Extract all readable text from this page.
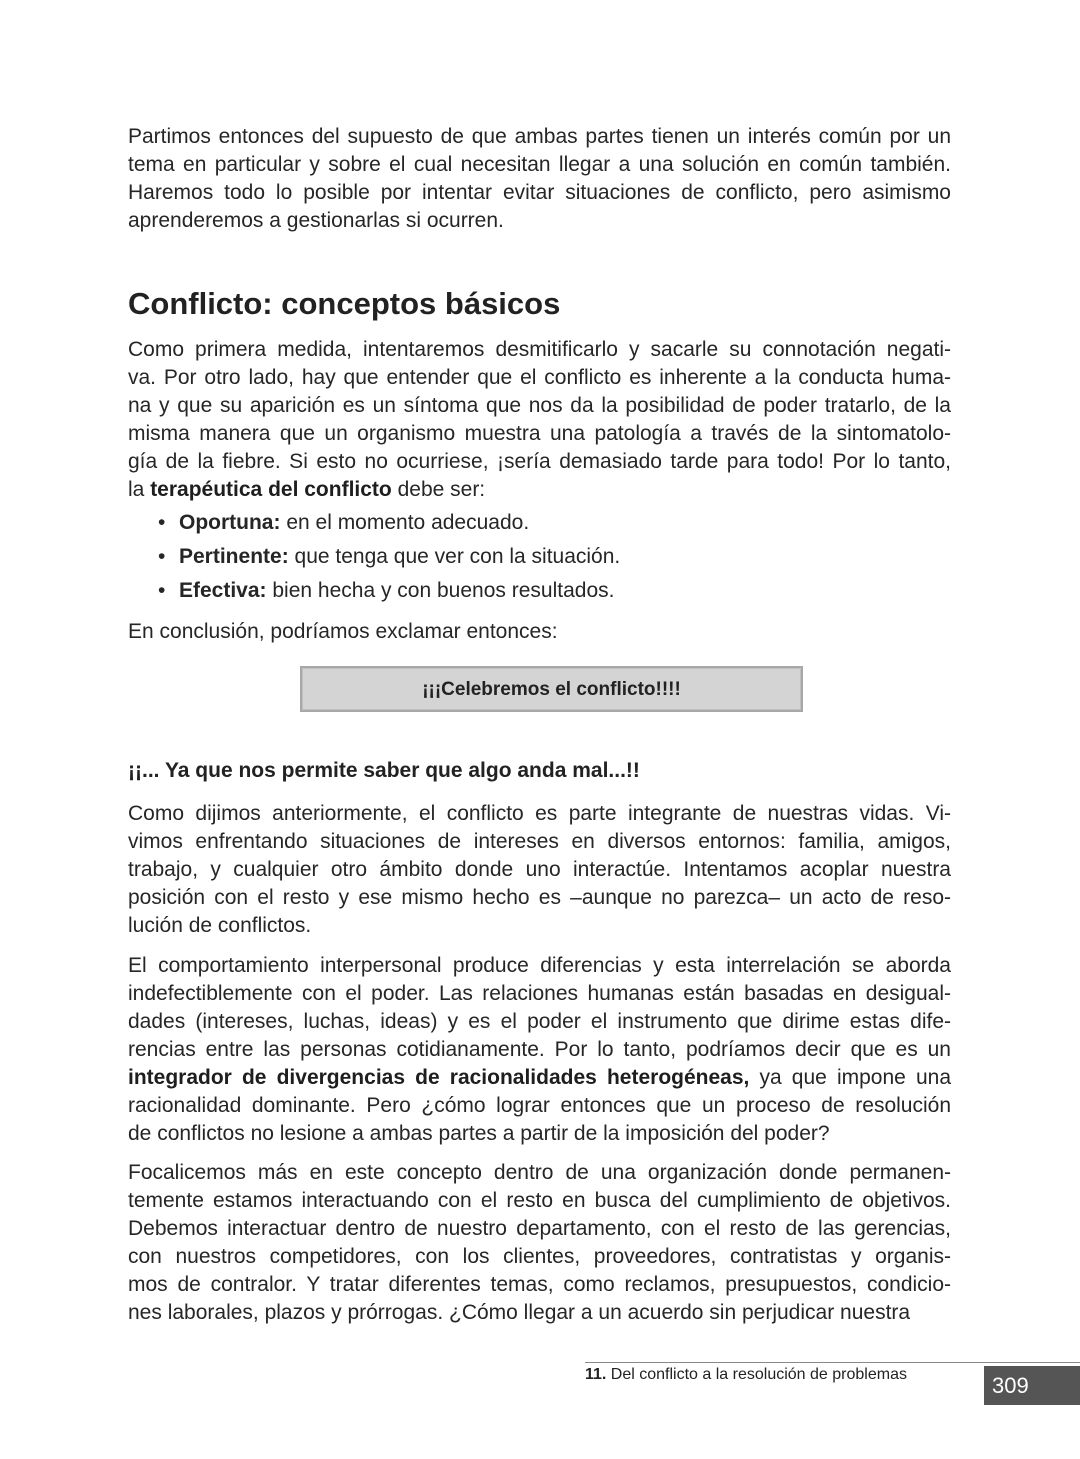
Partimos entonces del supuesto de que ambas partes tienen un interés común por un
tema en particular y sobre el cual necesitan llegar a una solución en común también.
Haremos todo lo posible por intentar evitar situaciones de conflicto, pero asimismo
aprenderemos a gestionarlas si ocurren.
Conflicto: conceptos básicos
Como primera medida, intentaremos desmitificarlo y sacarle su connotación negati-
va. Por otro lado, hay que entender que el conflicto es inherente a la conducta huma-
na y que su aparición es un síntoma que nos da la posibilidad de poder tratarlo, de la
misma manera que un organismo muestra una patología a través de la sintomatolo-
gía de la fiebre. Si esto no ocurriese, ¡sería demasiado tarde para todo! Por lo tanto,
la terapéutica del conflicto debe ser:
• Oportuna: en el momento adecuado.
• Pertinente: que tenga que ver con la situación.
• Efectiva: bien hecha y con buenos resultados.
En conclusión, podríamos exclamar entonces:
¡¡¡Celebremos el conflicto!!!!
¡¡... Ya que nos permite saber que algo anda mal...!!
Como dijimos anteriormente, el conflicto es parte integrante de nuestras vidas. Vi-
vimos enfrentando situaciones de intereses en diversos entornos: familia, amigos,
trabajo, y cualquier otro ámbito donde uno interactúe. Intentamos acoplar nuestra
posición con el resto y ese mismo hecho es –aunque no parezca– un acto de reso-
lución de conflictos.
El comportamiento interpersonal produce diferencias y esta interrelación se aborda
indefectiblemente con el poder. Las relaciones humanas están basadas en desigual-
dades (intereses, luchas, ideas) y es el poder el instrumento que dirime estas dife-
rencias entre las personas cotidianamente. Por lo tanto, podríamos decir que es un
integrador de divergencias de racionalidades heterogéneas, ya que impone una
racionalidad dominante. Pero ¿cómo lograr entonces que un proceso de resolución
de conflictos no lesione a ambas partes a partir de la imposición del poder?
Focalicemos más en este concepto dentro de una organización donde permanen-
temente estamos interactuando con el resto en busca del cumplimiento de objetivos.
Debemos interactuar dentro de nuestro departamento, con el resto de las gerencias,
con nuestros competidores, con los clientes, proveedores, contratistas y organis-
mos de contralor. Y tratar diferentes temas, como reclamos, presupuestos, condicio-
nes laborales, plazos y prórrogas. ¿Cómo llegar a un acuerdo sin perjudicar nuestra
11. Del conflicto a la resolución de problemas	309
